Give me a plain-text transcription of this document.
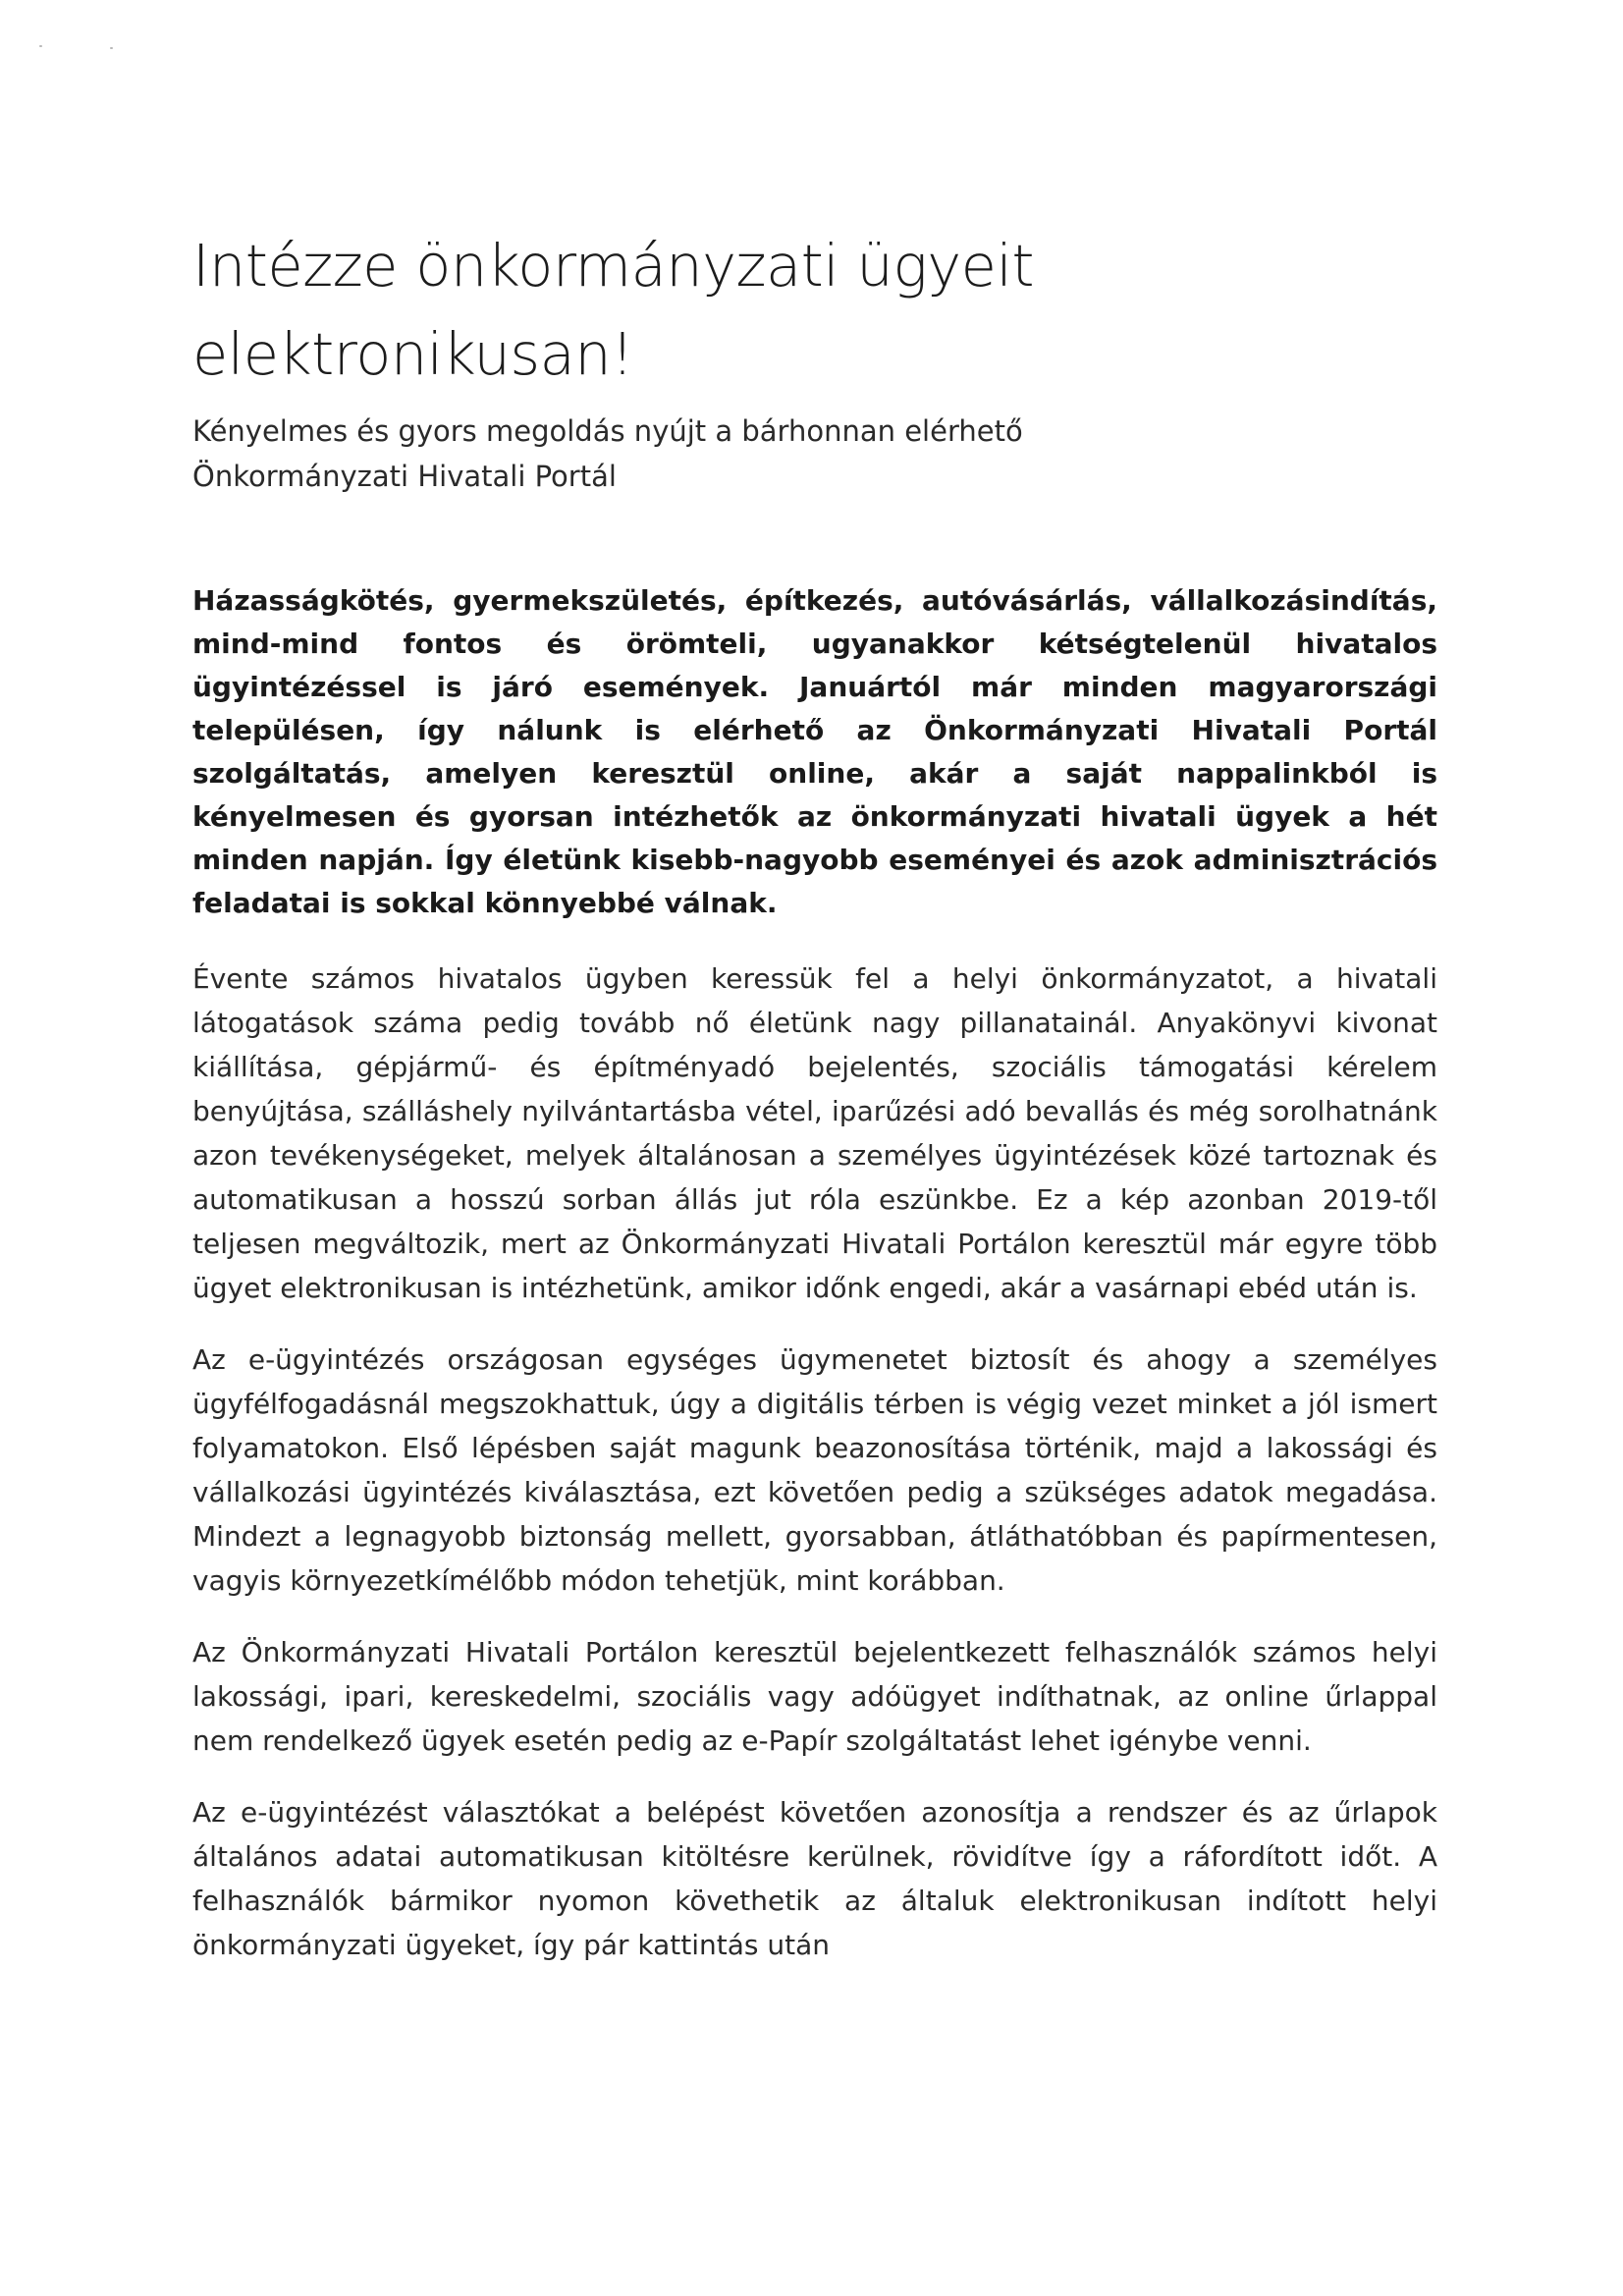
Intézze önkormányzati ügyeit elektronikusan!

Kényelmes és gyors megoldás nyújt a bárhonnan elérhető Önkormányzati Hivatali Portál

Házasságkötés, gyermekszületés, építkezés, autóvásárlás, vállalkozásindítás, mind-mind fontos és örömteli, ugyanakkor kétségtelenül hivatalos ügyintézéssel is járó események. Januártól már minden magyarországi településen, így nálunk is elérhető az Önkormányzati Hivatali Portál szolgáltatás, amelyen keresztül online, akár a saját nappalinkból is kényelmesen és gyorsan intézhetők az önkormányzati hivatali ügyek a hét minden napján. Így életünk kisebb-nagyobb eseményei és azok adminisztrációs feladatai is sokkal könnyebbé válnak.

Évente számos hivatalos ügyben keressük fel a helyi önkormányzatot, a hivatali látogatások száma pedig tovább nő életünk nagy pillanatainál. Anyakönyvi kivonat kiállítása, gépjármű- és építményadó bejelentés, szociális támogatási kérelem benyújtása, szálláshely nyilvántartásba vétel, iparűzési adó bevallás és még sorolhatnánk azon tevékenységeket, melyek általánosan a személyes ügyintézések közé tartoznak és automatikusan a hosszú sorban állás jut róla eszünkbe. Ez a kép azonban 2019-től teljesen megváltozik, mert az Önkormányzati Hivatali Portálon keresztül már egyre több ügyet elektronikusan is intézhetünk, amikor időnk engedi, akár a vasárnapi ebéd után is.

Az e-ügyintézés országosan egységes ügymenetet biztosít és ahogy a személyes ügyfélfogadásnál megszokhattuk, úgy a digitális térben is végig vezet minket a jól ismert folyamatokon. Első lépésben saját magunk beazonosítása történik, majd a lakossági és vállalkozási ügyintézés kiválasztása, ezt követően pedig a szükséges adatok megadása. Mindezt a legnagyobb biztonság mellett, gyorsabban, átláthatóbban és papírmentesen, vagyis környezetkímélőbb módon tehetjük, mint korábban.

Az Önkormányzati Hivatali Portálon keresztül bejelentkezett felhasználók számos helyi lakossági, ipari, kereskedelmi, szociális vagy adóügyet indíthatnak, az online űrlappal nem rendelkező ügyek esetén pedig az e-Papír szolgáltatást lehet igénybe venni.

Az e-ügyintézést választókat a belépést követően azonosítja a rendszer és az űrlapok általános adatai automatikusan kitöltésre kerülnek, rövidítve így a ráfordított időt. A felhasználók bármikor nyomon követhetik az általuk elektronikusan indított helyi önkormányzati ügyeket, így pár kattintás után
